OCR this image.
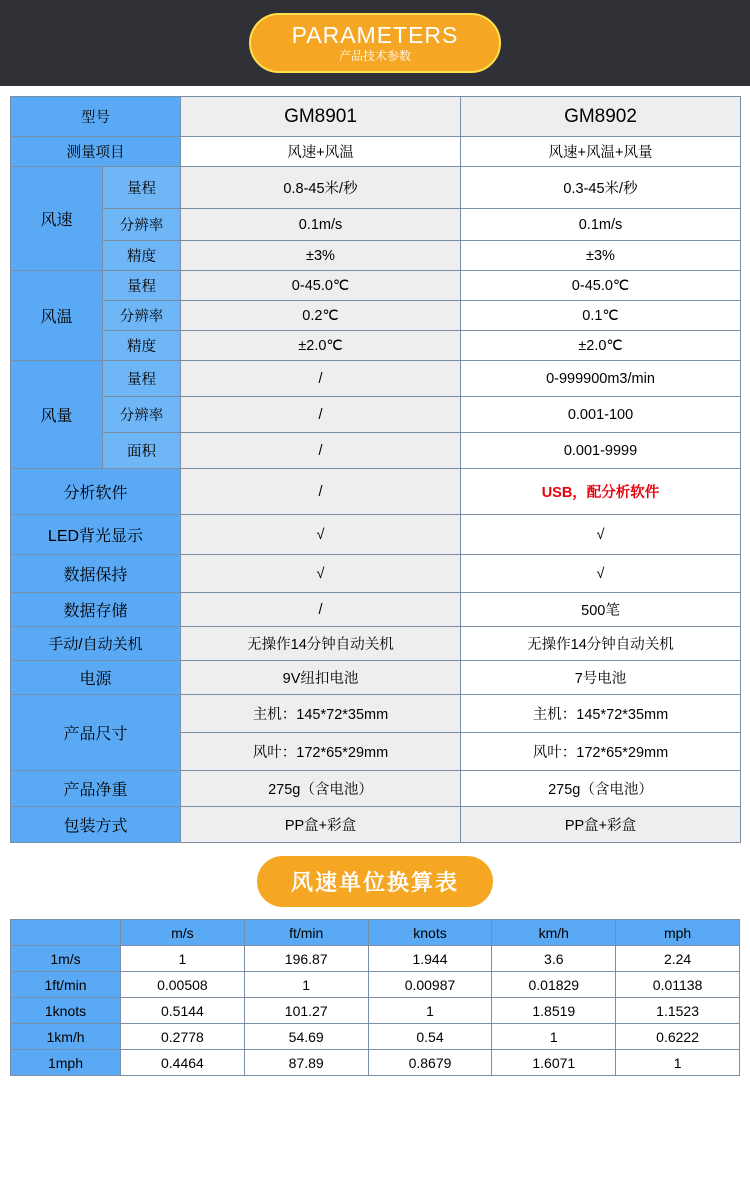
PARAMETERS
产品技术参数
型号		GM8901	GM8902
测量项目		风速+风温	风速+风温+风量
风速	量程	0.8-45米/秒	0.3-45米/秒
	分辨率	0.1m/s	0.1m/s
	精度	±3%	±3%
风温	量程	0-45.0℃	0-45.0℃
	分辨率	0.2℃	0.1℃
	精度	±2.0℃	±2.0℃
风量	量程	/	0-999900m3/min
	分辨率	/	0.001-100
	面积	/	0.001-9999
分析软件		/	USB，配分析软件
LED背光显示		√	√
数据保持		√	√
数据存储		/	500笔
手动/自动关机		无操作14分钟自动关机	无操作14分钟自动关机
电源		9V纽扣电池	7号电池
产品尺寸		主机：145*72*35mm	主机：145*72*35mm
		风叶：172*65*29mm	风叶：172*65*29mm
产品净重		275g（含电池）	275g（含电池）
包装方式		PP盒+彩盒	PP盒+彩盒
风速单位换算表
	m/s	ft/min	knots	km/h	mph
1m/s	1	196.87	1.944	3.6	2.24
1ft/min	0.00508	1	0.00987	0.01829	0.01138
1knots	0.5144	101.27	1	1.8519	1.1523
1km/h	0.2778	54.69	0.54	1	0.6222
1mph	0.4464	87.89	0.8679	1.6071	1
